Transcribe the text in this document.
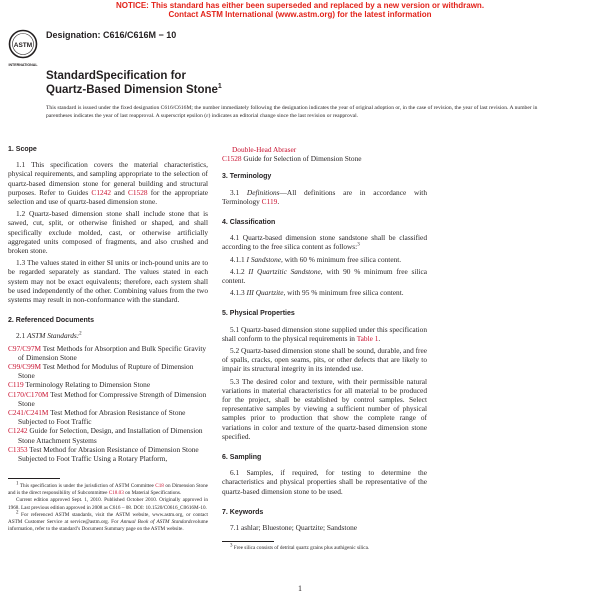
NOTICE: This standard has either been superseded and replaced by a new version or withdrawn.
Contact ASTM International (www.astm.org) for the latest information
ASTM
INTERNATIONAL
Designation: C616/C616M − 10
StandardSpecification for
Quartz-Based Dimension Stone$^1$
This standard is issued under the fixed designation C616/C616M; the number immediately following the designation indicates the year of original adoption or, in the case of revision, the year of last revision. A number in parentheses indicates the year of last reapproval. A superscript epsilon (ε) indicates an editorial change since the last revision or reapproval.
1. Scope
1.1 This specification covers the material characteristics, physical requirements, and sampling appropriate to the selection of quartz-based dimension stone for general building and structural purposes. Refer to Guides C1242 and C1528 for the appropriate selection and use of quartz-based dimension stone.
1.2 Quartz-based dimension stone shall include stone that is sawed, cut, split, or otherwise finished or shaped, and shall specifically exclude molded, cast, or otherwise artificially aggregated units composed of fragments, and also crushed and broken stone.
1.3 The values stated in either SI units or inch-pound units are to be regarded separately as standard. The values stated in each system may not be exact equivalents; therefore, each system shall be used independently of the other. Combining values from the two systems may result in non-conformance with the standard.
2. Referenced Documents
2.1 ASTM Standards:$^2$
C97/C97M Test Methods for Absorption and Bulk Specific Gravity of Dimension Stone
C99/C99M Test Method for Modulus of Rupture of Dimension Stone
C119 Terminology Relating to Dimension Stone
C170/C170M Test Method for Compressive Strength of Dimension Stone
C241/C241M Test Method for Abrasion Resistance of Stone Subjected to Foot Traffic
C1242 Guide for Selection, Design, and Installation of Dimension Stone Attachment Systems
C1353 Test Method for Abrasion Resistance of Dimension Stone Subjected to Foot Traffic Using a Rotary Platform,
Double-Head Abraser
C1528 Guide for Selection of Dimension Stone
3. Terminology
3.1 Definitions—All definitions are in accordance with Terminology C119.
4. Classification
4.1 Quartz-based dimension stone sandstone shall be classified according to the free silica content as follows:$^3$
4.1.1 I Sandstone, with 60 % minimum free silica content.
4.1.2 II Quartzitic Sandstone, with 90 % minimum free silica content.
4.1.3 III Quartzite, with 95 % minimum free silica content.
5. Physical Properties
5.1 Quartz-based dimension stone supplied under this specification shall conform to the physical requirements in Table 1.
5.2 Quartz-based dimension stone shall be sound, durable, and free of spalls, cracks, open seams, pits, or other defects that are likely to impair its structural integrity in its intended use.
5.3 The desired color and texture, with their permissible natural variations in material characteristics for all material to be produced for the project, shall be established by control samples. Select representative samples by viewing a sufficient number of physical samples prior to production that show the complete range of variations in color and texture of the quartz-based dimension stone specified.
6. Sampling
6.1 Samples, if required, for testing to determine the characteristics and physical properties shall be representative of the quartz-based dimension stone to be used.
7. Keywords
7.1 ashlar; Bluestone; Quartzite; Sandstone
$^1$ This specification is under the jurisdiction of ASTM Committee C18 on Dimension Stone and is the direct responsibility of Subcommittee C18.03 on Material Specifications.
Current edition approved Sept. 1, 2010. Published October 2010. Originally approved in 1968. Last previous edition approved in 2008 as C616 – 08. DOI: 10.1520/C0616_C0616M-10.
$^2$ For referenced ASTM standards, visit the ASTM website, www.astm.org, or contact ASTM Customer Service at service@astm.org. For Annual Book of ASTM Standardsvolume information, refer to the standard’s Document Summary page on the ASTM website.
$^3$ Free silica consists of detrital quartz grains plus authigenic silica.
1
